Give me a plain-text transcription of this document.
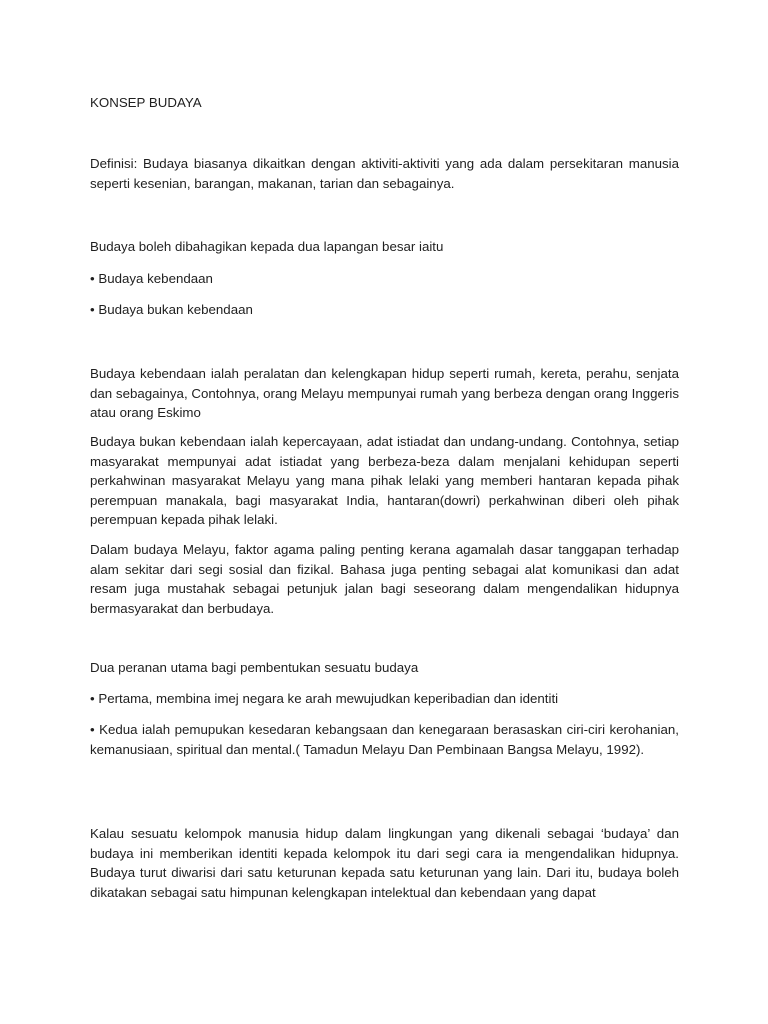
KONSEP BUDAYA

Definisi: Budaya biasanya dikaitkan dengan aktiviti-aktiviti yang ada dalam persekitaran manusia seperti kesenian, barangan, makanan, tarian dan sebagainya.

Budaya boleh dibahagikan kepada dua lapangan besar iaitu

• Budaya kebendaan

• Budaya bukan kebendaan

Budaya kebendaan ialah peralatan dan kelengkapan hidup seperti rumah, kereta, perahu, senjata dan sebagainya, Contohnya, orang Melayu mempunyai rumah yang berbeza dengan orang Inggeris atau orang Eskimo

Budaya bukan kebendaan ialah kepercayaan, adat istiadat dan undang-undang. Contohnya, setiap masyarakat mempunyai adat istiadat yang berbeza-beza dalam menjalani kehidupan seperti perkahwinan masyarakat Melayu yang mana pihak lelaki yang memberi hantaran kepada pihak perempuan manakala, bagi masyarakat India, hantaran(dowri) perkahwinan diberi oleh pihak perempuan kepada pihak lelaki.

Dalam budaya Melayu, faktor agama paling penting kerana agamalah dasar tanggapan terhadap alam sekitar dari segi sosial dan fizikal. Bahasa juga penting sebagai alat komunikasi dan adat resam juga mustahak sebagai petunjuk jalan bagi seseorang dalam mengendalikan hidupnya bermasyarakat dan berbudaya.

Dua peranan utama bagi pembentukan sesuatu budaya

• Pertama, membina imej negara ke arah mewujudkan keperibadian dan identiti

• Kedua ialah pemupukan kesedaran kebangsaan dan kenegaraan berasaskan ciri-ciri kerohanian, kemanusiaan, spiritual dan mental.( Tamadun Melayu Dan Pembinaan Bangsa Melayu, 1992).

Kalau sesuatu kelompok manusia hidup dalam lingkungan yang dikenali sebagai ‘budaya’ dan budaya ini memberikan identiti kepada kelompok itu dari segi cara ia mengendalikan hidupnya. Budaya turut diwarisi dari satu keturunan kepada satu keturunan yang lain. Dari itu, budaya boleh dikatakan sebagai satu himpunan kelengkapan intelektual dan kebendaan yang dapat
